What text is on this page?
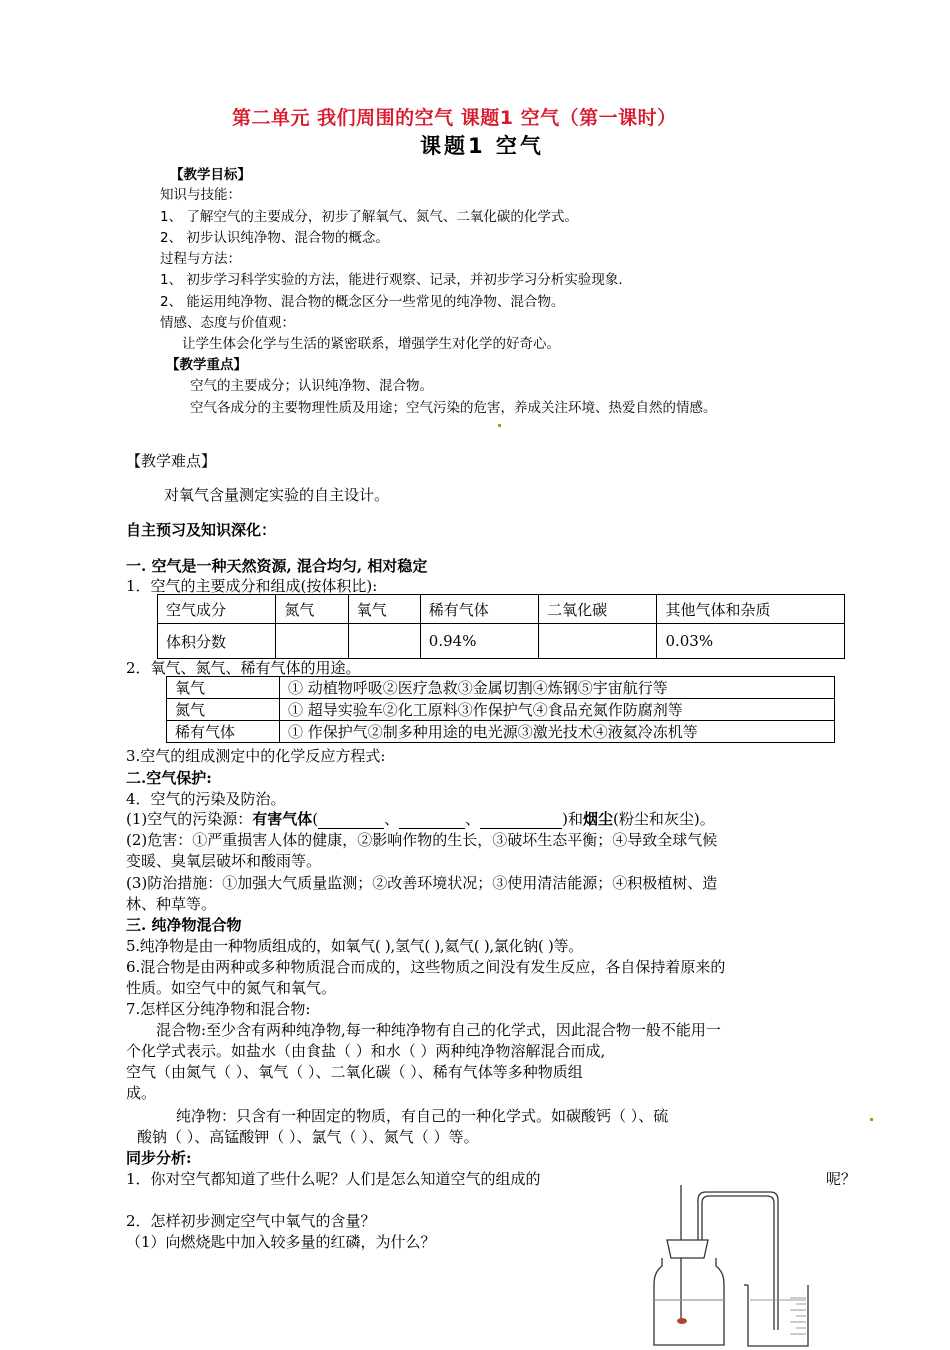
第二单元 我们周围的空气 课题1 空气（第一课时）
课题1 空气
【教学目标】
知识与技能：
1、 了解空气的主要成分，初步了解氧气、氮气、二氧化碳的化学式。
2、 初步认识纯净物、混合物的概念。
过程与方法：
1、 初步学习科学实验的方法，能进行观察、记录，并初步学习分析实验现象.
2、 能运用纯净物、混合物的概念区分一些常见的纯净物、混合物。
情感、态度与价值观：
让学生体会化学与生活的紧密联系，增强学生对化学的好奇心。
【教学重点】
空气的主要成分；认识纯净物、混合物。
空气各成分的主要物理性质及用途；空气污染的危害，养成关注环境、热爱自然的情感。
【教学难点】
对氧气含量测定实验的自主设计。
自主预习及知识深化：
一. 空气是一种天然资源, 混合均匀, 相对稳定
1．空气的主要成分和组成(按体积比):
空气成分	氮气	氧气	稀有气体	二氧化碳	其他气体和杂质
体积分数			0.94%		0.03%
2．氧气、氮气、稀有气体的用途。
氧气	① 动植物呼吸②医疗急救③金属切割④炼钢⑤宇宙航行等
氮气	① 超导实验车②化工原料③作保护气④食品充氮作防腐剂等
稀有气体	① 作保护气②制多种用途的电光源③激光技术④液氦冷冻机等
3.空气的组成测定中的化学反应方程式:
二.空气保护:
4．空气的污染及防治。
(1)空气的污染源：有害气体(	、	、	)和烟尘(粉尘和灰尘)。
(2)危害：①严重损害人体的健康，②影响作物的生长，③破坏生态平衡；④导致全球气候
变暖、臭氧层破坏和酸雨等。
(3)防治措施：①加强大气质量监测；②改善环境状况；③使用清洁能源；④积极植树、造
林、种草等。
三. 纯净物混合物
5.纯净物是由一种物质组成的，如氧气( ),氢气( ),氦气( ),氯化钠( )等。
6.混合物是由两种或多种物质混合而成的，这些物质之间没有发生反应，各自保持着原来的
性质。如空气中的氮气和氧气。
7.怎样区分纯净物和混合物:
混合物:至少含有两种纯净物,每一种纯净物有自己的化学式，因此混合物一般不能用一
个化学式表示。如盐水（由食盐（ ）和水（ ）两种纯净物溶解混合而成,
空气（由氮气（ ）、氧气（ ）、二氧化碳（ ）、稀有气体等多种物质组
成。
纯净物：只含有一种固定的物质，有自己的一种化学式。如碳酸钙（ ）、硫
酸钠（ ）、高锰酸钾（ ）、氯气（ ）、氮气（ ）等。
同步分析:
1．你对空气都知道了些什么呢？人们是怎么知道空气的组成的	呢？
2．怎样初步测定空气中氧气的含量？
（1）向燃烧匙中加入较多量的红磷，为什么？
